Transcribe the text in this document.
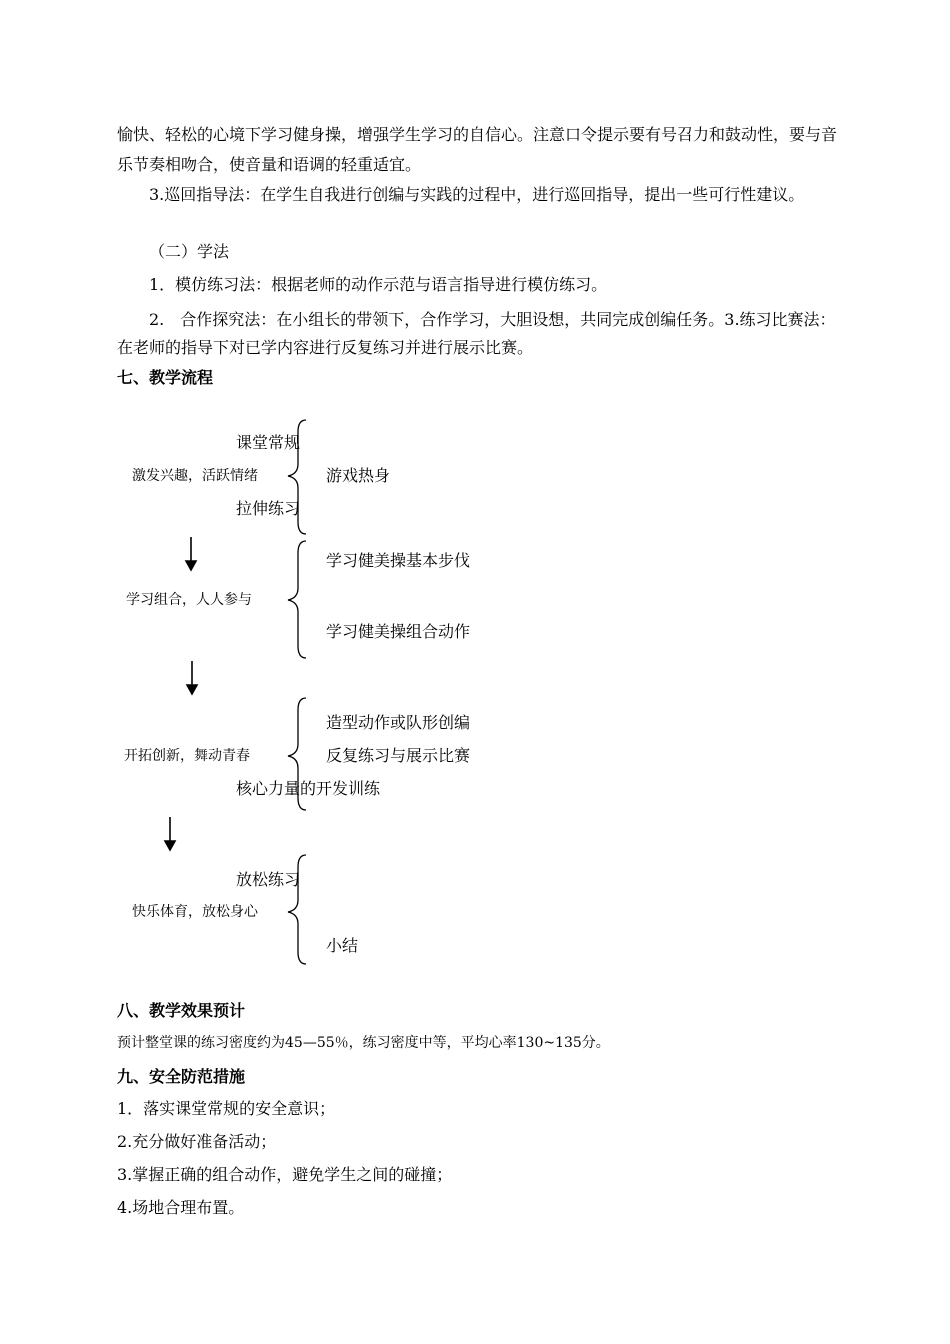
愉快、轻松的心境下学习健身操，增强学生学习的自信心。注意口令提示要有号召力和鼓动性，要与音乐节奏相吻合，使音量和语调的轻重适宜。
3.巡回指导法：在学生自我进行创编与实践的过程中，进行巡回指导，提出一些可行性建议。
（二）学法
1．模仿练习法：根据老师的动作示范与语言指导进行模仿练习。
2.　合作探究法：在小组长的带领下，合作学习，大胆设想，共同完成创编任务。3.练习比赛法：在老师的指导下对已学内容进行反复练习并进行展示比赛。
七、教学流程
课堂常规
激发兴趣，活跃情绪	游戏热身
拉伸练习
学习健美操基本步伐
学习组合，人人参与
学习健美操组合动作
造型动作或队形创编
开拓创新，舞动青春	反复练习与展示比赛
核心力量的开发训练
放松练习
快乐体育，放松身心
小结
八、教学效果预计
预计整堂课的练习密度约为45—55％，练习密度中等，平均心率130~135分。
九、安全防范措施
1．落实课堂常规的安全意识；
2.充分做好准备活动；
3.掌握正确的组合动作，避免学生之间的碰撞；
4.场地合理布置。
